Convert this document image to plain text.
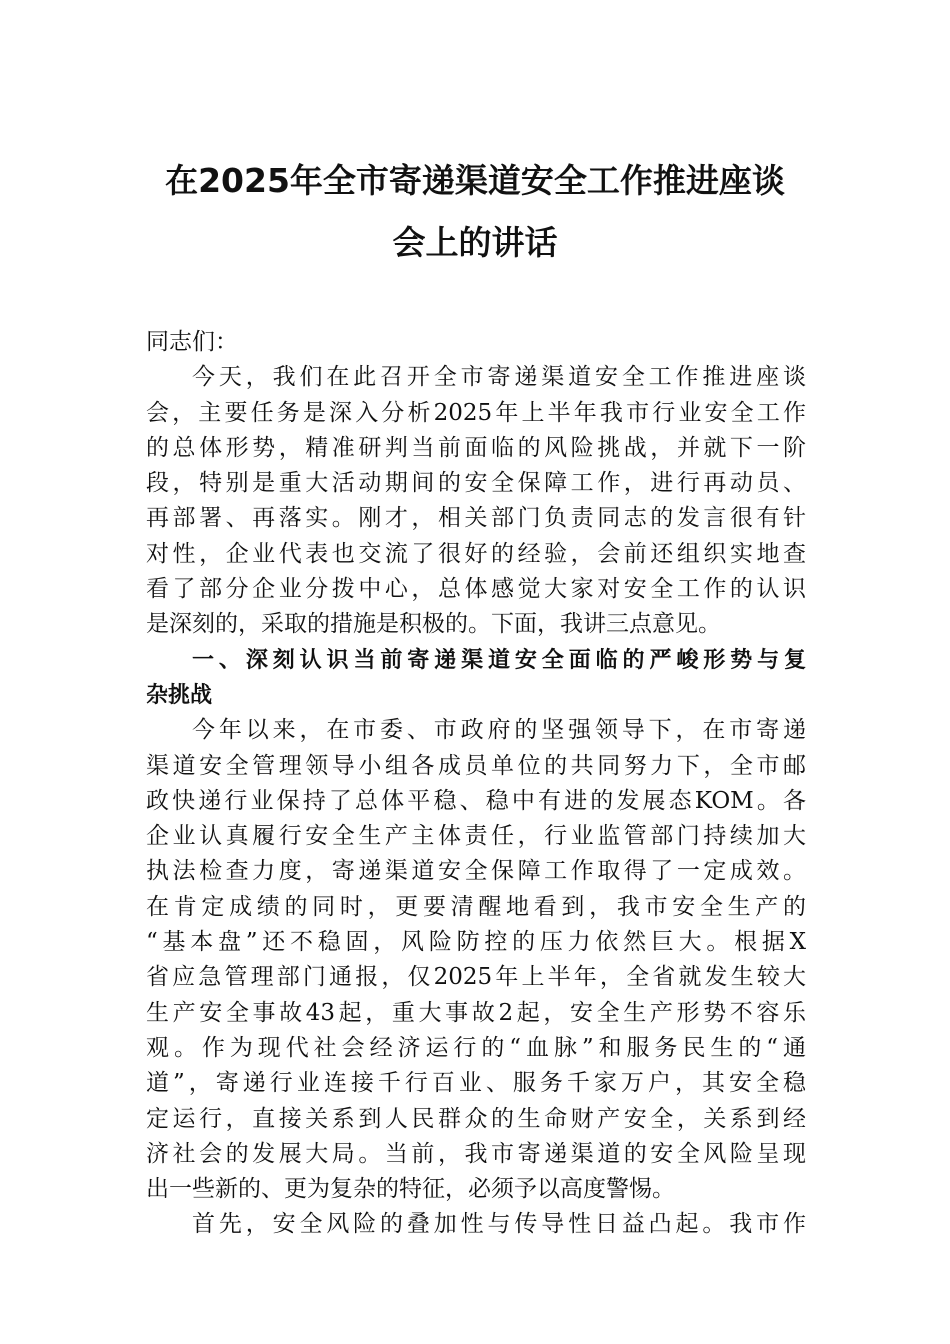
在2025年全市寄递渠道安全工作推进座谈
会上的讲话
同志们：
今天，我们在此召开全市寄递渠道安全工作推进座谈
会，主要任务是深入分析2025年上半年我市行业安全工作
的总体形势，精准研判当前面临的风险挑战，并就下一阶
段，特别是重大活动期间的安全保障工作，进行再动员、
再部署、再落实。刚才，相关部门负责同志的发言很有针
对性，企业代表也交流了很好的经验，会前还组织实地查
看了部分企业分拨中心，总体感觉大家对安全工作的认识
是深刻的，采取的措施是积极的。下面，我讲三点意见。
一、深刻认识当前寄递渠道安全面临的严峻形势与复
杂挑战
今年以来，在市委、市政府的坚强领导下，在市寄递
渠道安全管理领导小组各成员单位的共同努力下，全市邮
政快递行业保持了总体平稳、稳中有进的发展态KOM。各
企业认真履行安全生产主体责任，行业监管部门持续加大
执法检查力度，寄递渠道安全保障工作取得了一定成效。
在肯定成绩的同时，更要清醒地看到，我市安全生产的
“基本盘”还不稳固，风险防控的压力依然巨大。根据X
省应急管理部门通报，仅2025年上半年，全省就发生较大
生产安全事故43起，重大事故2起，安全生产形势不容乐
观。作为现代社会经济运行的“血脉”和服务民生的“通
道”，寄递行业连接千行百业、服务千家万户，其安全稳
定运行，直接关系到人民群众的生命财产安全，关系到经
济社会的发展大局。当前，我市寄递渠道的安全风险呈现
出一些新的、更为复杂的特征，必须予以高度警惕。
首先，安全风险的叠加性与传导性日益凸起。我市作
